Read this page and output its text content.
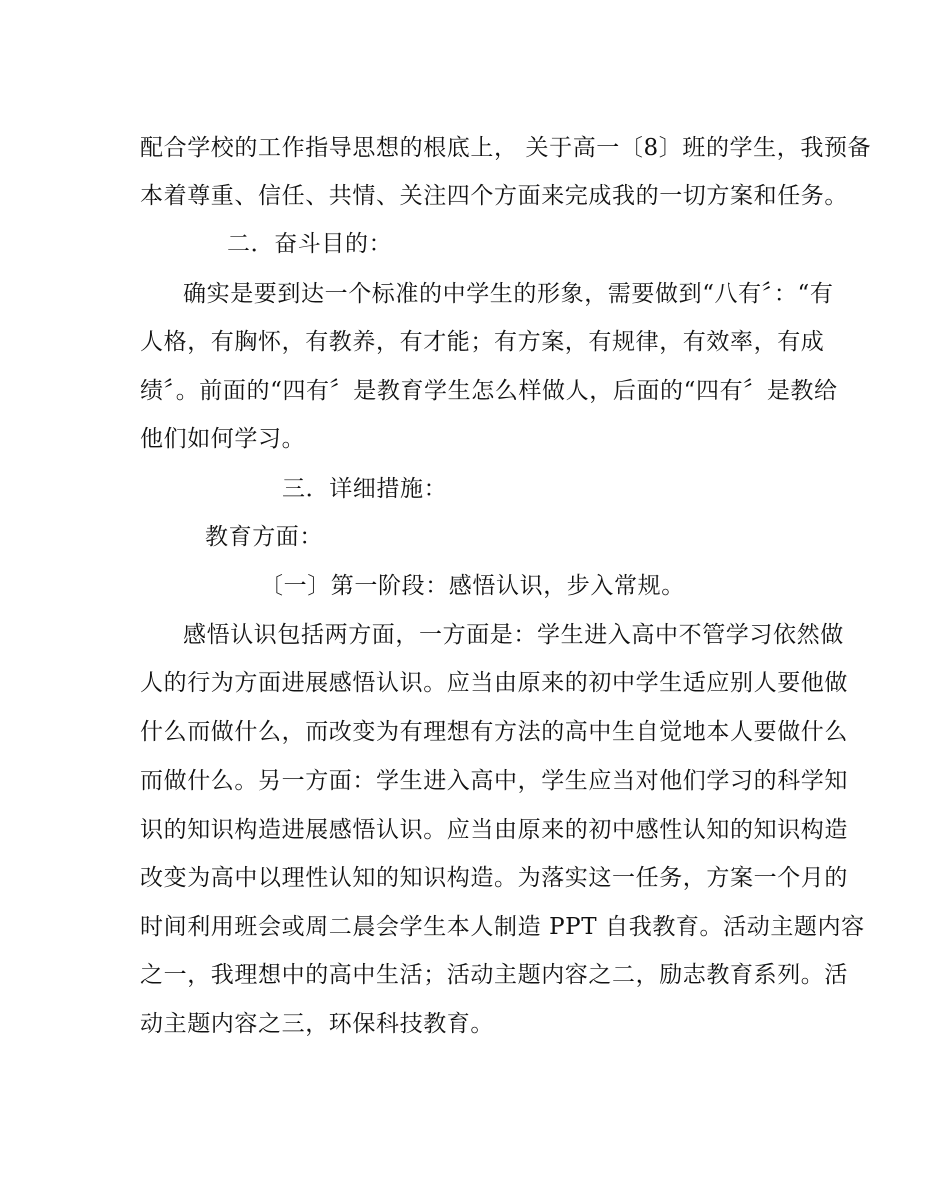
配合学校的工作指导思想的根底上， 关于高一〔8〕班的学生，我预备
本着尊重、信任、共情、关注四个方面来完成我的一切方案和任务。
二．奋斗目的：
确实是要到达一个标准的中学生的形象，需要做到“八有〞：“有
人格，有胸怀，有教养，有才能；有方案，有规律，有效率，有成
绩〞。前面的“四有〞是教育学生怎么样做人，后面的“四有〞是教给
他们如何学习。
三．详细措施：
教育方面：
〔一〕第一阶段：感悟认识，步入常规。
感悟认识包括两方面，一方面是：学生进入高中不管学习依然做
人的行为方面进展感悟认识。应当由原来的初中学生适应别人要他做
什么而做什么，而改变为有理想有方法的高中生自觉地本人要做什么
而做什么。另一方面：学生进入高中，学生应当对他们学习的科学知
识的知识构造进展感悟认识。应当由原来的初中感性认知的知识构造
改变为高中以理性认知的知识构造。为落实这一任务，方案一个月的
时间利用班会或周二晨会学生本人制造 PPT 自我教育。活动主题内容
之一，我理想中的高中生活；活动主题内容之二，励志教育系列。活
动主题内容之三，环保科技教育。
